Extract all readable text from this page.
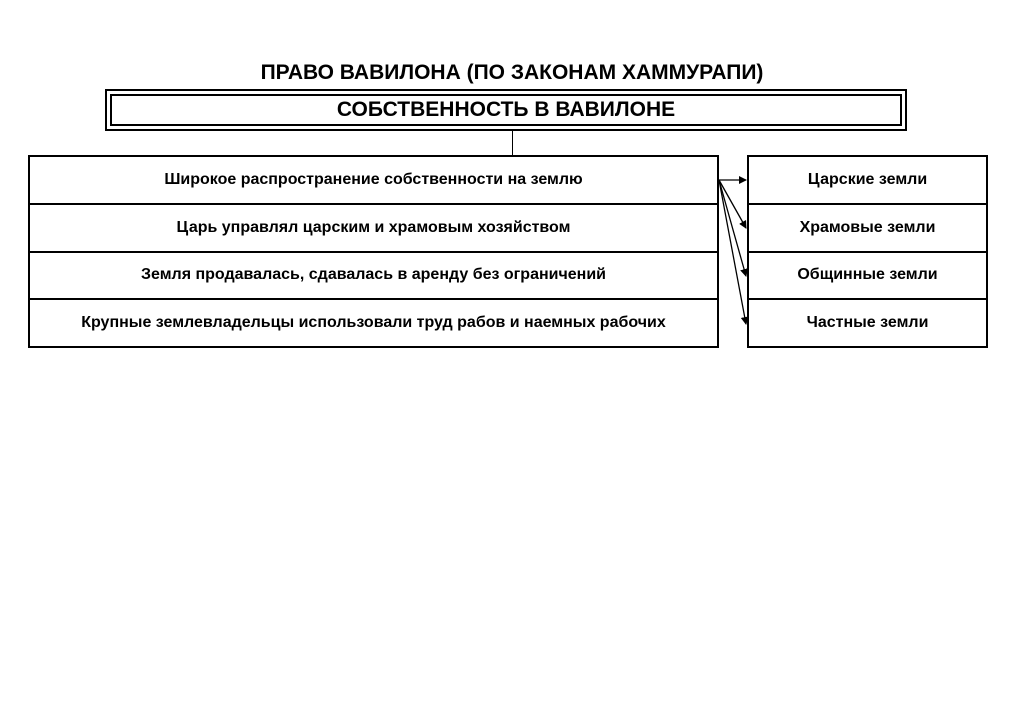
ПРАВО ВАВИЛОНА (ПО ЗАКОНАМ ХАММУРАПИ)
СОБСТВЕННОСТЬ В ВАВИЛОНЕ
Широкое распространение собственности на землю
Царь управлял царским и храмовым хозяйством
Земля продавалась, сдавалась в аренду без ограничений
Крупные землевладельцы использовали труд рабов и наемных рабочих
Царские земли
Храмовые земли
Общинные земли
Частные земли
